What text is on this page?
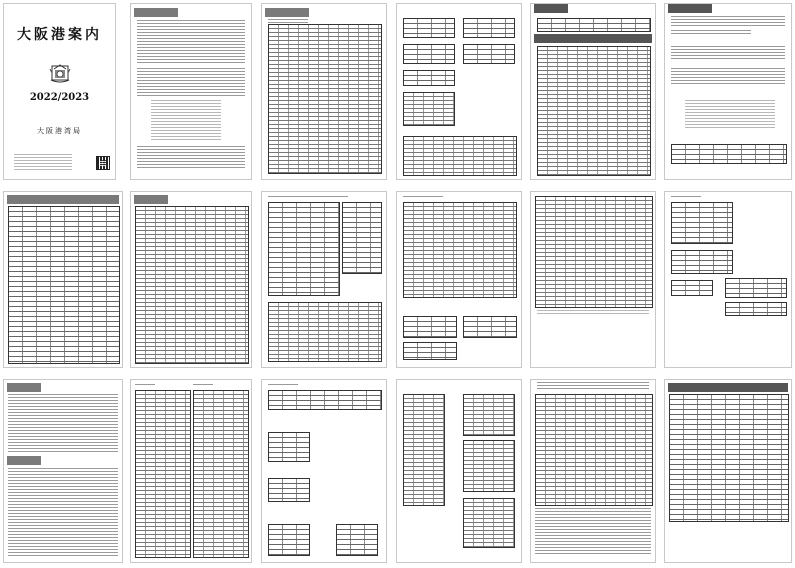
大阪港案内
2022/2023
大阪港湾局
